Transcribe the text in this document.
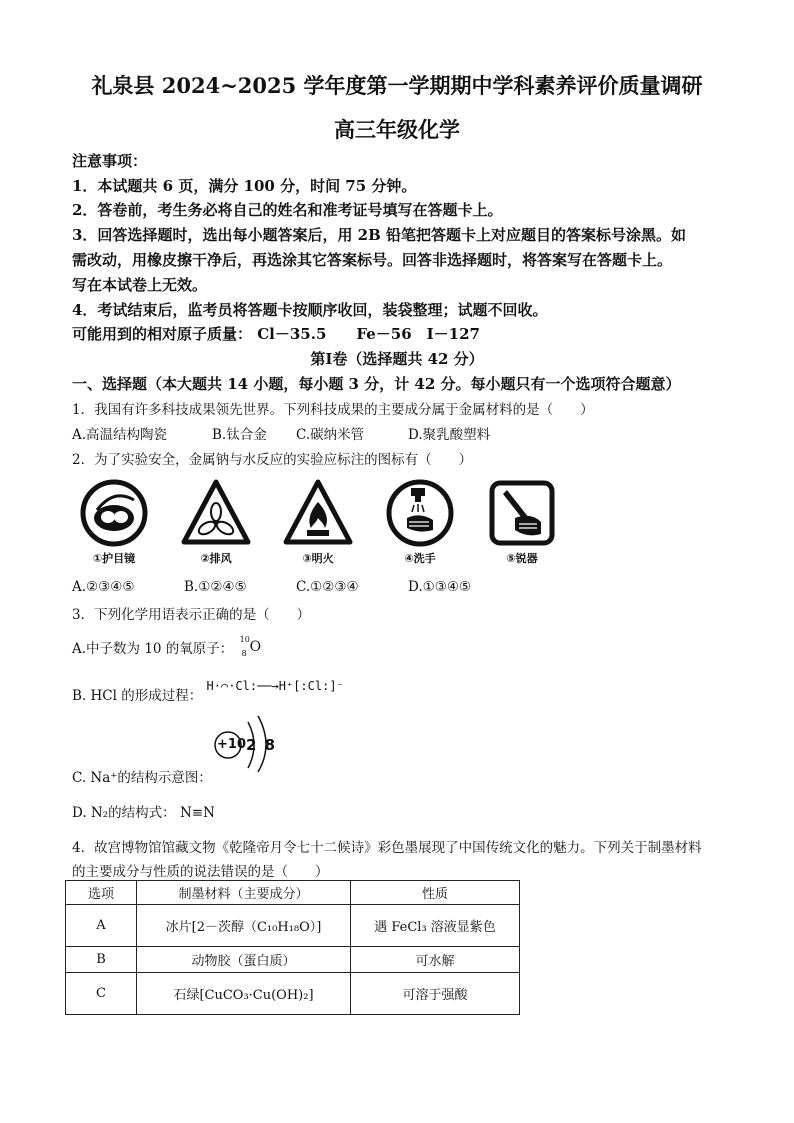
礼泉县 2024~2025 学年度第一学期期中学科素养评价质量调研
高三年级化学
注意事项：
1．本试题共 6 页，满分 100 分，时间 75 分钟。
2．答卷前，考生务必将自己的姓名和准考证号填写在答题卡上。
3．回答选择题时，选出每小题答案后，用 2B 铅笔把答题卡上对应题目的答案标号涂黑。如
需改动，用橡皮擦干净后，再选涂其它答案标号。回答非选择题时，将答案写在答题卡上。
写在本试卷上无效。
4．考试结束后，监考员将答题卡按顺序收回，装袋整理；试题不回收。
可能用到的相对原子质量： Cl－35.5　　Fe－56　I－127
第Ⅰ卷（选择题共 42 分）
一、选择题（本大题共 14 小题，每小题 3 分，计 42 分。每小题只有一个选项符合题意）
1．我国有许多科技成果领先世界。下列科技成果的主要成分属于金属材料的是（　　）
A.高温结构陶瓷	B.钛合金 C.碳纳米管	D.聚乳酸塑料
2．为了实验安全，金属钠与水反应的实验应标注的图标有（　　）
①护目镜	②排风	③明火	④洗手	⑤锐器
A.②③④⑤	B.①②④⑤	C.①②③④	D.①③④⑤
3．下列化学用语表示正确的是（　　）
A.中子数为 10 的氧原子：
10
8 O
B. HCl 的形成过程： H·⌒·Cl:──→H⁺[:Cl:]⁻
+10 2 8
C. Na⁺的结构示意图：
D. N₂的结构式： N≡N
4．故宫博物馆馆藏文物《乾隆帝月令七十二候诗》彩色墨展现了中国传统文化的魅力。下列关于制墨材料
的主要成分与性质的说法错误的是（　　）
选项	制墨材料（主要成分）	性质
A	冰片[2－茨醇（C₁₀H₁₈O）]	遇 FeCl₃ 溶液显紫色
B	动物胶（蛋白质）	可水解
C	石绿[CuCO₃·Cu(OH)₂]	可溶于强酸
